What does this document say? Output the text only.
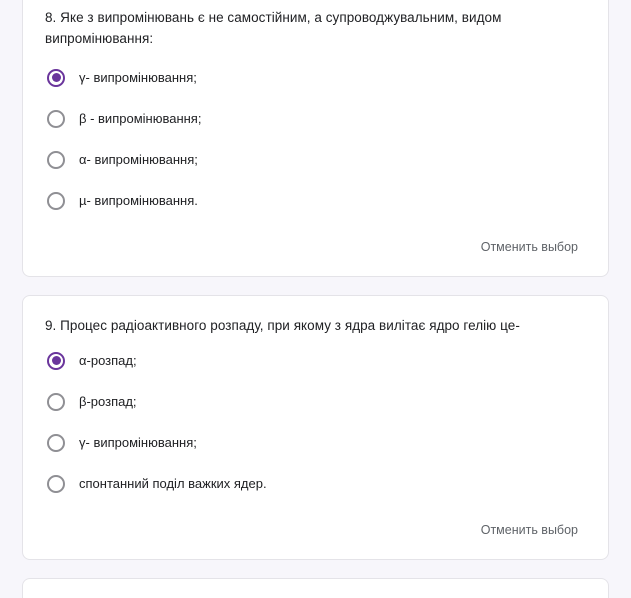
8. Яке з випромінювань є не самостійним, а супроводжувальним, видом випромінювання:
γ- випромінювання;
β - випромінювання;
α- випромінювання;
µ- випромінювання.
Отменить выбор
9. Процес радіоактивного розпаду, при якому з ядра вилітає ядро гелію це-
α-розпад;
β-розпад;
γ- випромінювання;
спонтанний поділ важких ядер.
Отменить выбор
